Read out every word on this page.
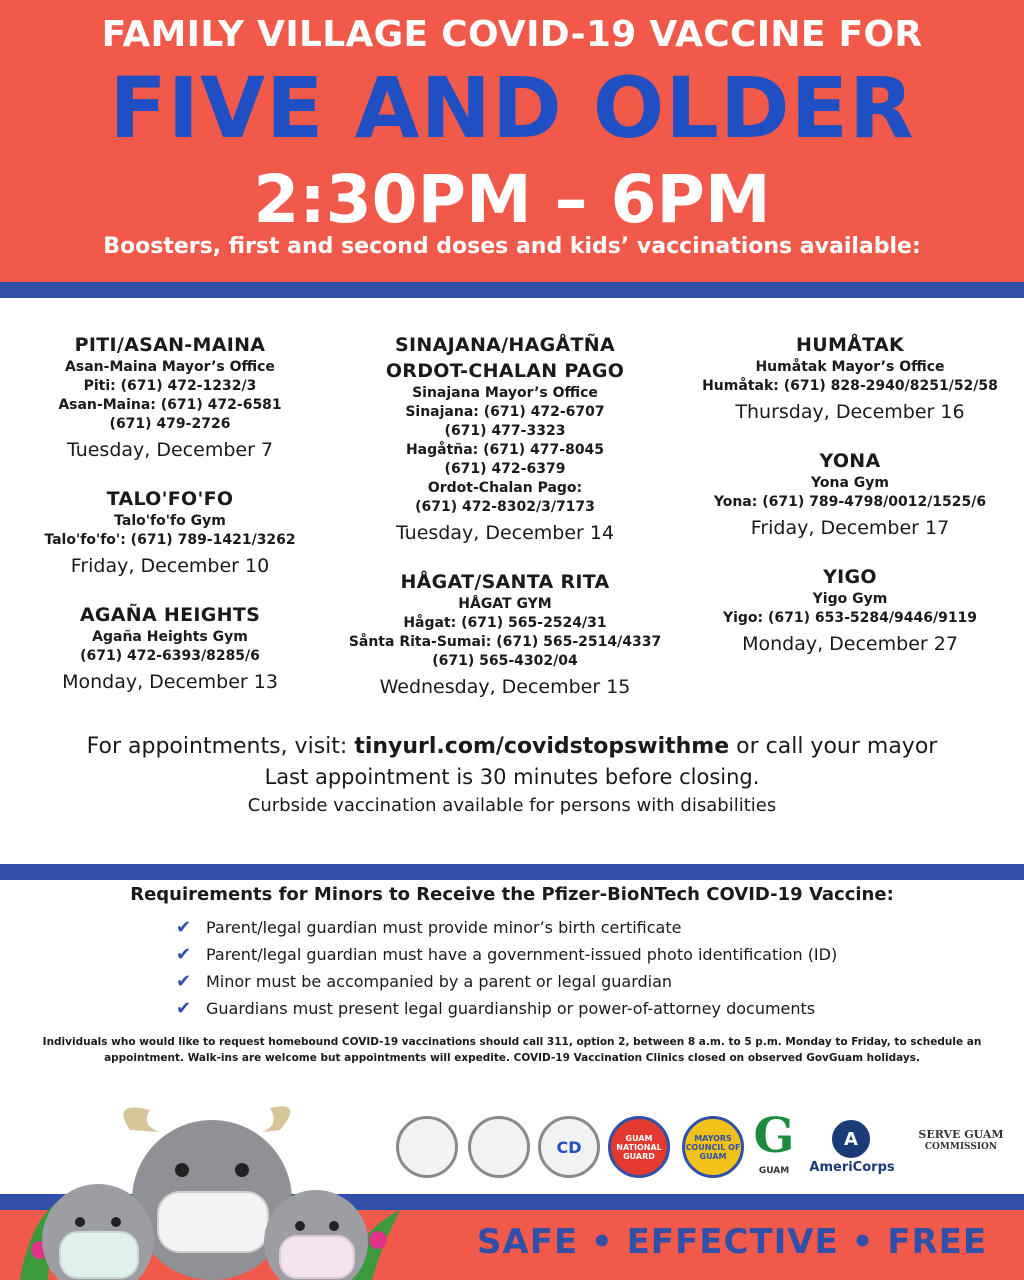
FAMILY VILLAGE COVID-19 VACCINE FOR
FIVE AND OLDER
2:30PM – 6PM
Boosters, first and second doses and kids’ vaccinations available:
PITI/ASAN-MAINA
Asan-Maina Mayor’s Office
Piti: (671) 472-1232/3
Asan-Maina: (671) 472-6581
(671) 479-2726
Tuesday, December 7
TALO'FO'FO
Talo'fo'fo Gym
Talo'fo'fo': (671) 789-1421/3262
Friday, December 10
AGAÑA HEIGHTS
Agaña Heights Gym
(671) 472-6393/8285/6
Monday, December 13
SINAJANA/HAGÅTÑA
ORDOT-CHALAN PAGO
Sinajana Mayor’s Office
Sinajana: (671) 472-6707
(671) 477-3323
Hagåtña: (671) 477-8045
(671) 472-6379
Ordot-Chalan Pago:
(671) 472-8302/3/7173
Tuesday, December 14
HÅGAT/SANTA RITA
HÅGAT GYM
Hågat: (671) 565-2524/31
Sånta Rita-Sumai: (671) 565-2514/4337
(671) 565-4302/04
Wednesday, December 15
HUMÅTAK
Humåtak Mayor’s Office
Humåtak: (671) 828-2940/8251/52/58
Thursday, December 16
YONA
Yona Gym
Yona: (671) 789-4798/0012/1525/6
Friday, December 17
YIGO
Yigo Gym
Yigo: (671) 653-5284/9446/9119
Monday, December 27
For appointments, visit: tinyurl.com/covidstopswithme or call your mayor
Last appointment is 30 minutes before closing.
Curbside vaccination available for persons with disabilities
Requirements for Minors to Receive the Pfizer-BioNTech COVID-19 Vaccine:
✔ Parent/legal guardian must provide minor’s birth certificate
✔ Parent/legal guardian must have a government-issued photo identification (ID)
✔ Minor must be accompanied by a parent or legal guardian
✔ Guardians must present legal guardianship or power-of-attorney documents
Individuals who would like to request homebound COVID-19 vaccinations should call 311, option 2, between 8 a.m. to 5 p.m. Monday to Friday, to schedule an appointment. Walk-ins are welcome but appointments will expedite. COVID-19 Vaccination Clinics closed on observed GovGuam holidays.
SAFE • EFFECTIVE • FREE
CD	GUAM NATIONAL GUARD
MAYORS COUNCIL OF GUAM G
GUAM
A
AmeriCorps
SERVE GUAM
COMMISSION
